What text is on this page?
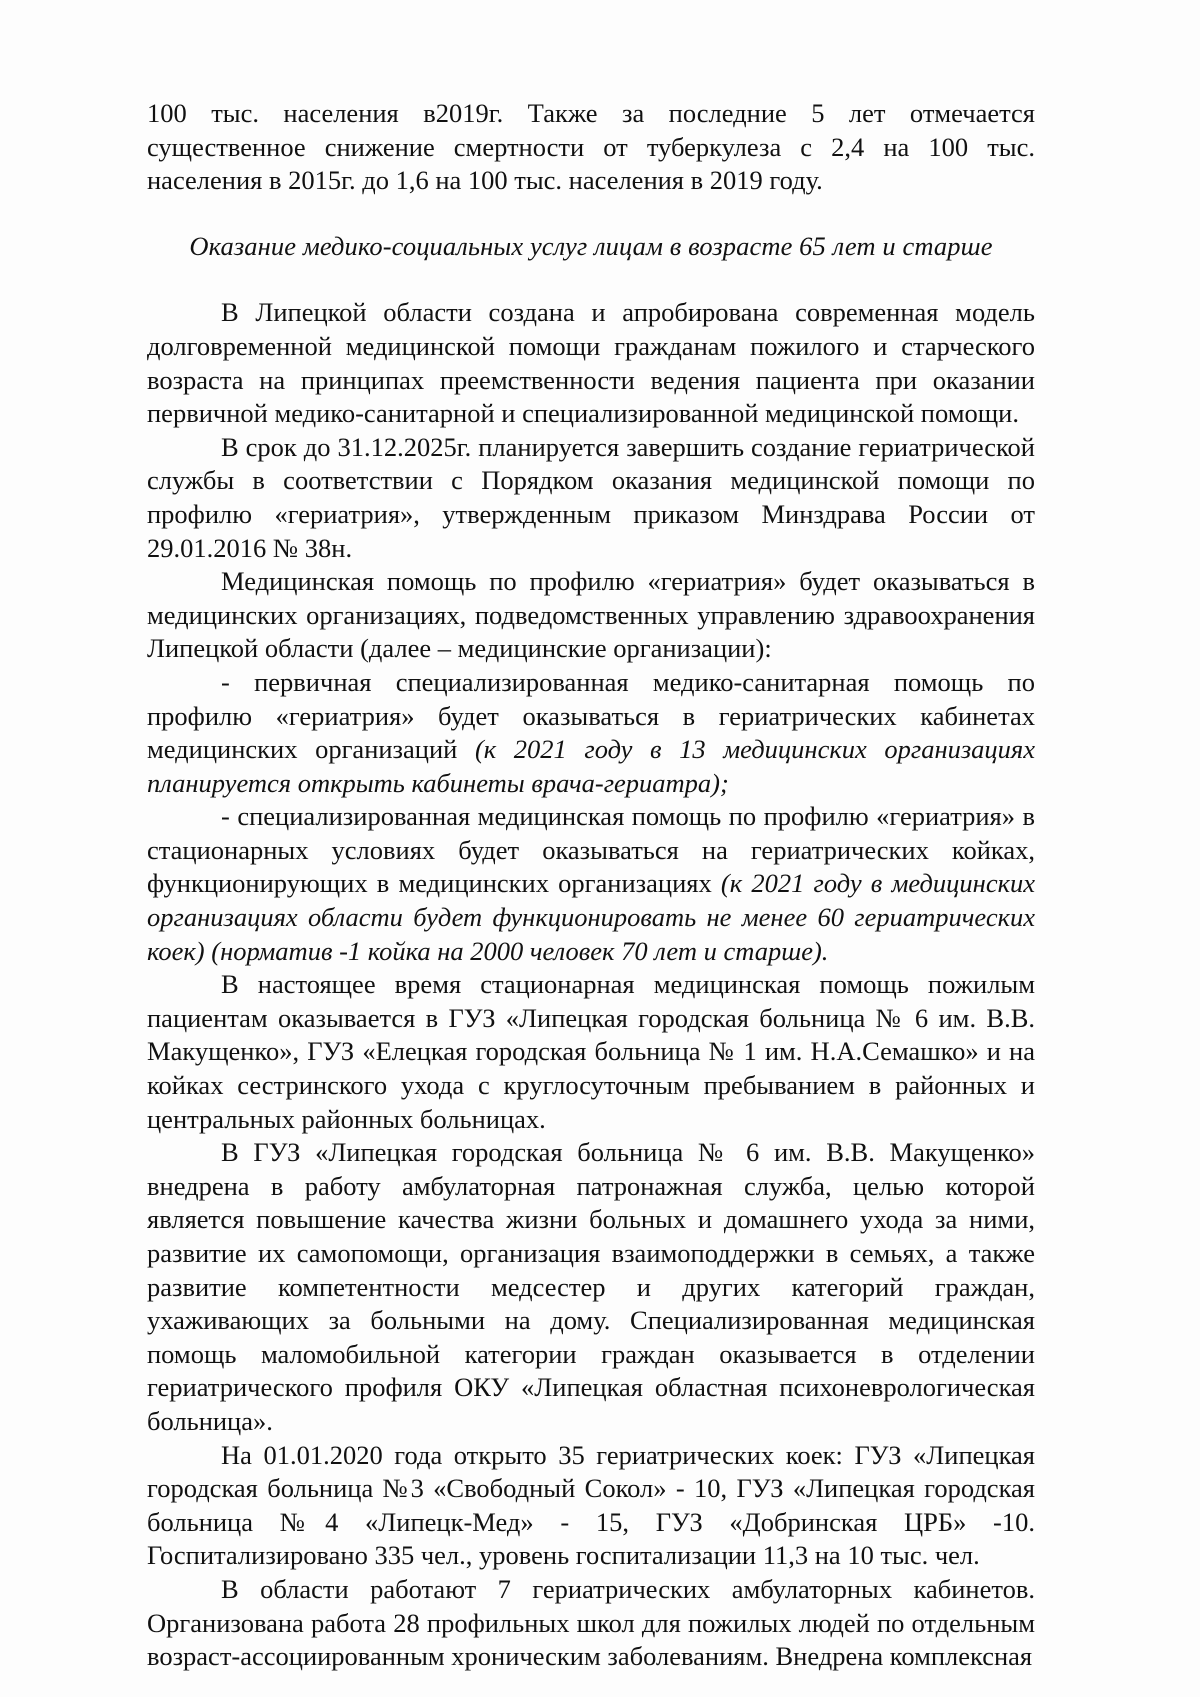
100 тыс. населения в2019г. Также за последние 5 лет отмечается существенное снижение смертности от туберкулеза с 2,4 на 100 тыс. населения в 2015г. до 1,6 на 100 тыс. населения в 2019 году.

Оказание медико-социальных услуг лицам в возрасте 65 лет и старше

В Липецкой области создана и апробирована современная модель долговременной медицинской помощи гражданам пожилого и старческого возраста на принципах преемственности ведения пациента при оказании первичной медико-санитарной и специализированной медицинской помощи.

В срок до 31.12.2025г. планируется завершить создание гериатрической службы в соответствии с Порядком оказания медицинской помощи по профилю «гериатрия», утвержденным приказом Минздрава России от 29.01.2016 № 38н.

Медицинская помощь по профилю «гериатрия» будет оказываться в медицинских организациях, подведомственных управлению здравоохранения Липецкой области (далее – медицинские организации):

- первичная специализированная медико-санитарная помощь по профилю «гериатрия» будет оказываться в гериатрических кабинетах медицинских организаций (к 2021 году в 13 медицинских организациях планируется открыть кабинеты врача-гериатра);

- специализированная медицинская помощь по профилю «гериатрия» в стационарных условиях будет оказываться на гериатрических койках, функционирующих в медицинских организациях (к 2021 году в медицинских организациях области будет функционировать не менее 60 гериатрических коек) (норматив -1 койка на 2000 человек 70 лет и старше).

В настоящее время стационарная медицинская помощь пожилым пациентам оказывается в ГУЗ «Липецкая городская больница № 6 им. В.В. Макущенко», ГУЗ «Елецкая городская больница № 1 им. Н.А.Семашко» и на койках сестринского ухода с круглосуточным пребыванием в районных и центральных районных больницах.

В ГУЗ «Липецкая городская больница № 6 им. В.В. Макущенко» внедрена в работу амбулаторная патронажная служба, целью которой является повышение качества жизни больных и домашнего ухода за ними, развитие их самопомощи, организация взаимоподдержки в семьях, а также развитие компетентности медсестер и других категорий граждан, ухаживающих за больными на дому. Специализированная медицинская помощь маломобильной категории граждан оказывается в отделении гериатрического профиля ОКУ «Липецкая областная психоневрологическая больница».

На 01.01.2020 года открыто 35 гериатрических коек: ГУЗ «Липецкая городская больница №3 «Свободный Сокол» - 10, ГУЗ «Липецкая городская больница №4 «Липецк-Мед» - 15, ГУЗ «Добринская ЦРБ» -10. Госпитализировано 335 чел., уровень госпитализации 11,3 на 10 тыс. чел.

В области работают 7 гериатрических амбулаторных кабинетов. Организована работа 28 профильных школ для пожилых людей по отдельным возраст-ассоциированным хроническим заболеваниям. Внедрена комплексная
